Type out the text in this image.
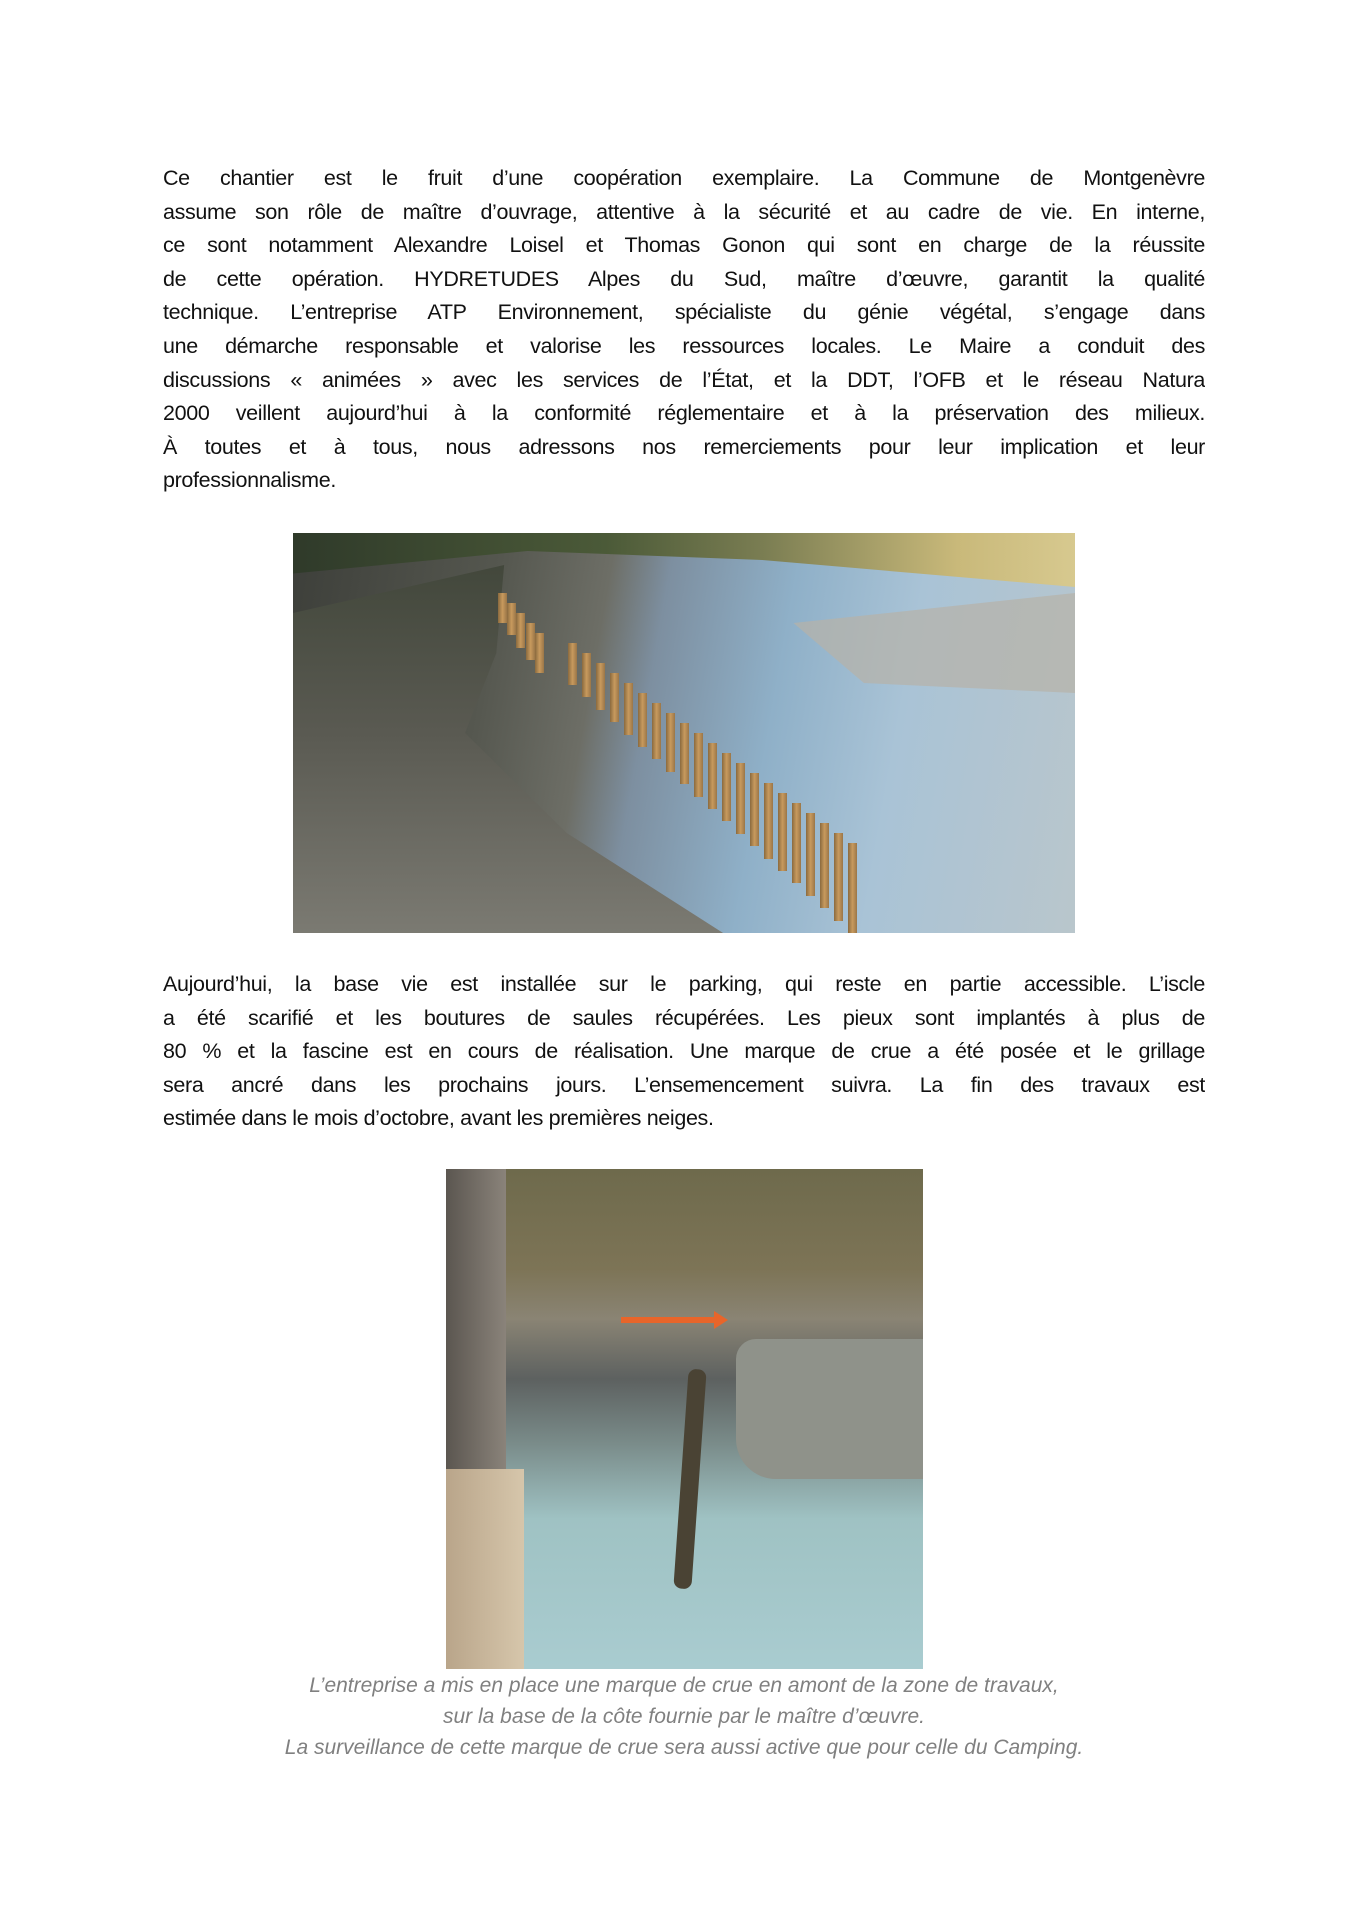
Ce chantier est le fruit d’une coopération exemplaire. La Commune de Montgenèvre
assume son rôle de maître d’ouvrage, attentive à la sécurité et au cadre de vie. En interne,
ce sont notamment Alexandre Loisel et Thomas Gonon qui sont en charge de la réussite
de cette opération. HYDRETUDES Alpes du Sud, maître d’œuvre, garantit la qualité
technique. L’entreprise ATP Environnement, spécialiste du génie végétal, s’engage dans
une démarche responsable et valorise les ressources locales. Le Maire a conduit des
discussions « animées » avec les services de l’État, et la DDT, l’OFB et le réseau Natura
2000 veillent aujourd’hui à la conformité réglementaire et à la préservation des milieux.
À toutes et à tous, nous adressons nos remerciements pour leur implication et leur
professionnalisme.
Aujourd’hui, la base vie est installée sur le parking, qui reste en partie accessible. L’iscle
a été scarifié et les boutures de saules récupérées. Les pieux sont implantés à plus de
80 % et la fascine est en cours de réalisation. Une marque de crue a été posée et le grillage
sera ancré dans les prochains jours. L’ensemencement suivra. La fin des travaux est
estimée dans le mois d’octobre, avant les premières neiges.
L’entreprise a mis en place une marque de crue en amont de la zone de travaux,
sur la base de la côte fournie par le maître d’œuvre.
La surveillance de cette marque de crue sera aussi active que pour celle du Camping.
